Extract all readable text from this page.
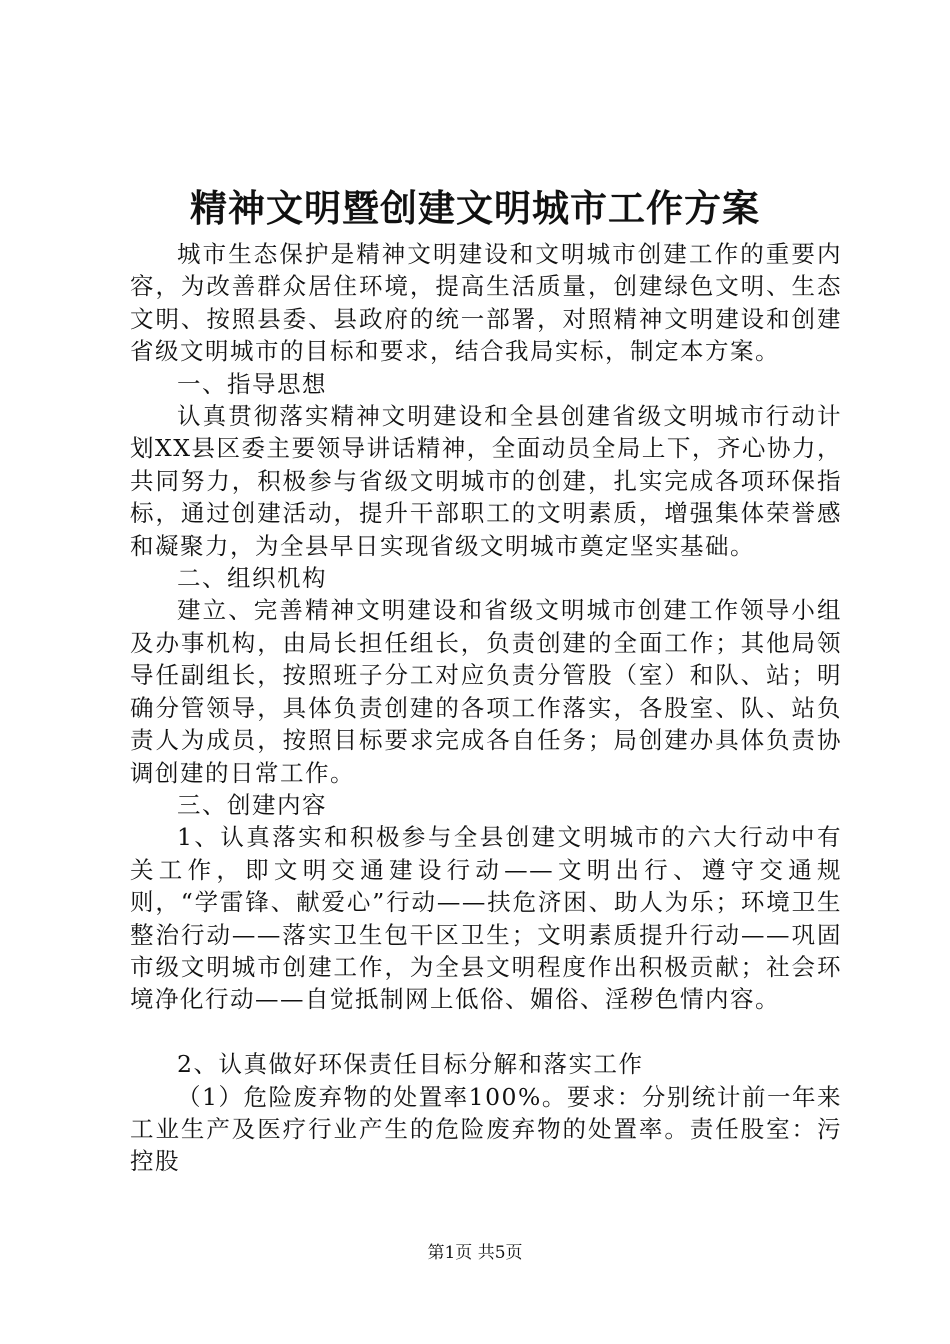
精神文明暨创建文明城市工作方案

城市生态保护是精神文明建设和文明城市创建工作的重要内容，为改善群众居住环境，提高生活质量，创建绿色文明、生态文明、按照县委、县政府的统一部署，对照精神文明建设和创建省级文明城市的目标和要求，结合我局实标，制定本方案。

一、指导思想

认真贯彻落实精神文明建设和全县创建省级文明城市行动计划XX县区委主要领导讲话精神，全面动员全局上下，齐心协力，共同努力，积极参与省级文明城市的创建，扎实完成各项环保指标，通过创建活动，提升干部职工的文明素质，增强集体荣誉感和凝聚力，为全县早日实现省级文明城市奠定坚实基础。

二、组织机构

建立、完善精神文明建设和省级文明城市创建工作领导小组及办事机构，由局长担任组长，负责创建的全面工作；其他局领导任副组长，按照班子分工对应负责分管股（室）和队、站；明确分管领导，具体负责创建的各项工作落实，各股室、队、站负责人为成员，按照目标要求完成各自任务；局创建办具体负责协调创建的日常工作。

三、创建内容

1、认真落实和积极参与全县创建文明城市的六大行动中有关工作，即文明交通建设行动——文明出行、遵守交通规则，“学雷锋、献爱心”行动——扶危济困、助人为乐；环境卫生整治行动——落实卫生包干区卫生；文明素质提升行动——巩固市级文明城市创建工作，为全县文明程度作出积极贡献；社会环境净化行动——自觉抵制网上低俗、媚俗、淫秽色情内容。

2、认真做好环保责任目标分解和落实工作

（1）危险废弃物的处置率100%。要求：分别统计前一年来工业生产及医疗行业产生的危险废弃物的处置率。责任股室：污控股

第1页 共5页
